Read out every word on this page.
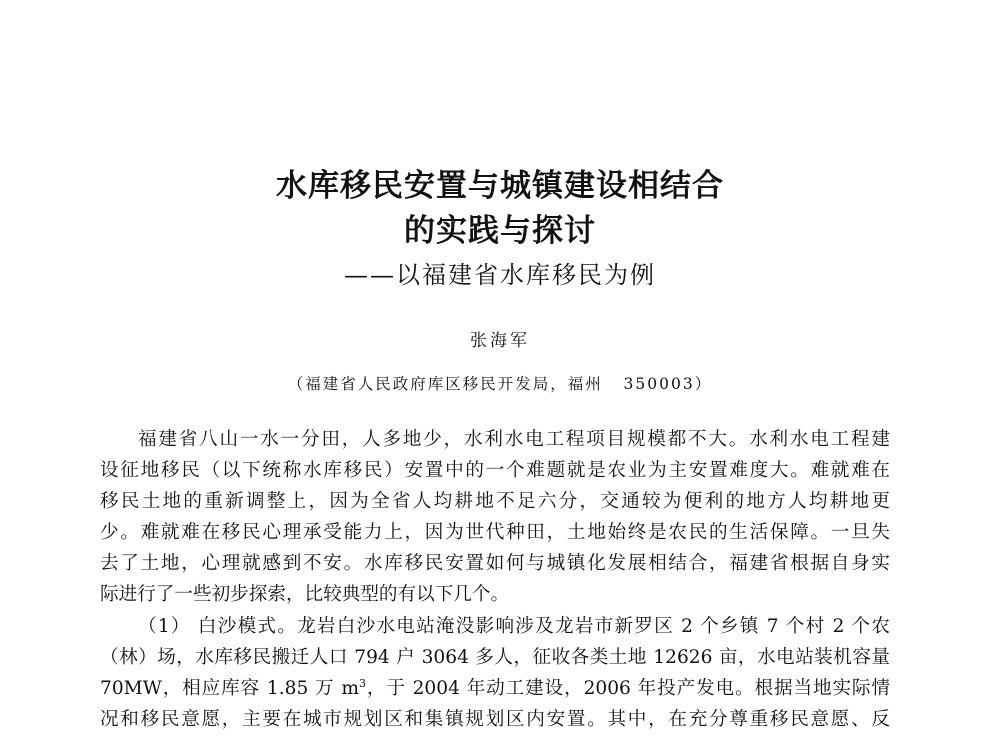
水库移民安置与城镇建设相结合
的实践与探讨
——以福建省水库移民为例
张海军
（福建省人民政府库区移民开发局，福州   350003）
福建省八山一水一分田，人多地少，水利水电工程项目规模都不大。水利水电工程建
设征地移民（以下统称水库移民）安置中的一个难题就是农业为主安置难度大。难就难在
移民土地的重新调整上，因为全省人均耕地不足六分，交通较为便利的地方人均耕地更
少。难就难在移民心理承受能力上，因为世代种田，土地始终是农民的生活保障。一旦失
去了土地，心理就感到不安。水库移民安置如何与城镇化发展相结合，福建省根据自身实
际进行了一些初步探索，比较典型的有以下几个。
（1） 白沙模式。龙岩白沙水电站淹没影响涉及龙岩市新罗区 2 个乡镇 7 个村 2 个农
（林）场，水库移民搬迁人口 794 户 3064 多人，征收各类土地 12626 亩，水电站装机容量
70MW，相应库容 1.85 万 $m^3$，于 2004 年动工建设，2006 年投产发电。根据当地实际情
况和移民意愿，主要在城市规划区和集镇规划区内安置。其中，在充分尊重移民意愿、反
